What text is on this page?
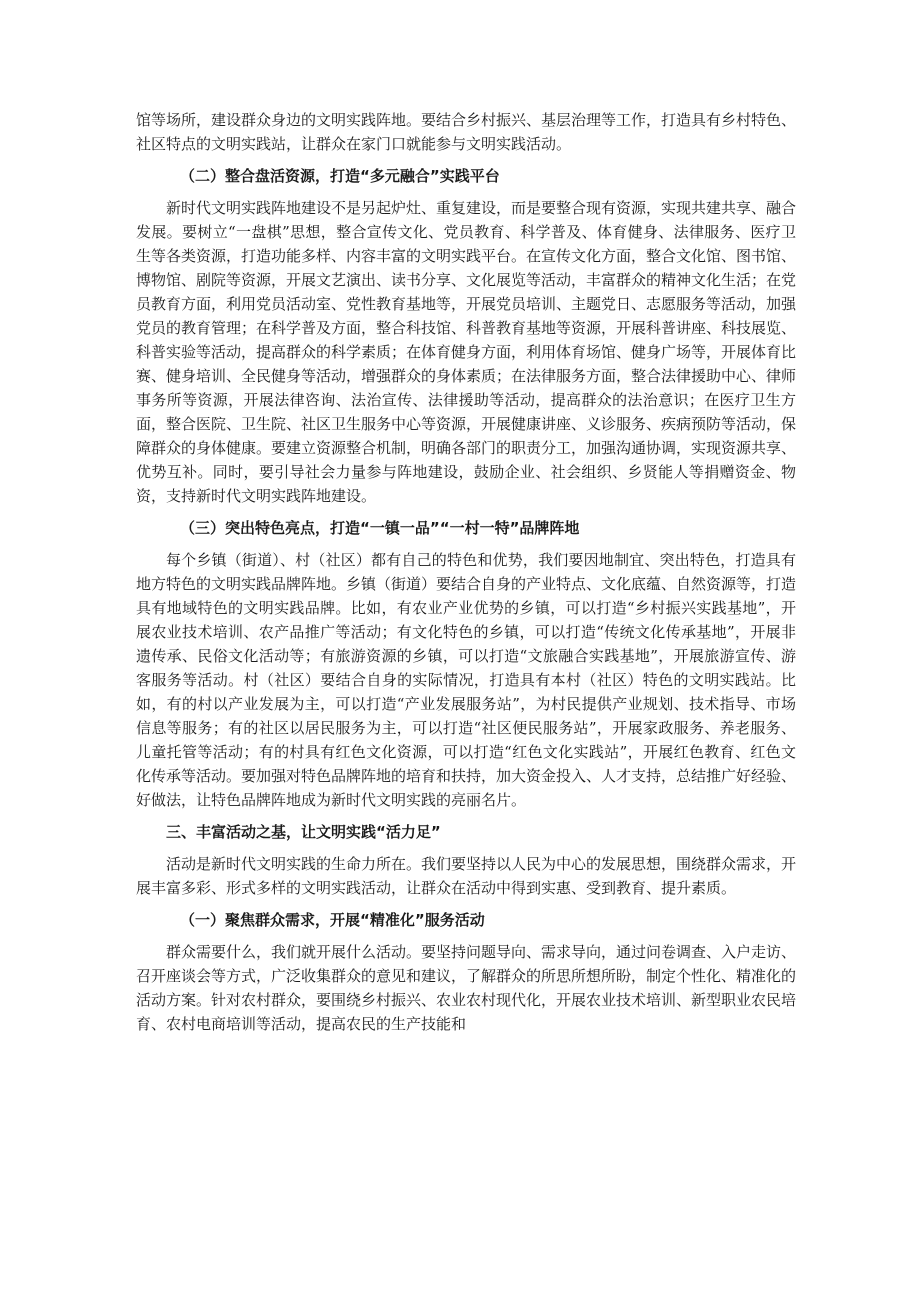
馆等场所，建设群众身边的文明实践阵地。要结合乡村振兴、基层治理等工作，打造具有乡村特色、社区特点的文明实践站，让群众在家门口就能参与文明实践活动。

（二）整合盘活资源，打造“多元融合”实践平台

新时代文明实践阵地建设不是另起炉灶、重复建设，而是要整合现有资源，实现共建共享、融合发展。要树立“一盘棋”思想，整合宣传文化、党员教育、科学普及、体育健身、法律服务、医疗卫生等各类资源，打造功能多样、内容丰富的文明实践平台。在宣传文化方面，整合文化馆、图书馆、博物馆、剧院等资源，开展文艺演出、读书分享、文化展览等活动，丰富群众的精神文化生活；在党员教育方面，利用党员活动室、党性教育基地等，开展党员培训、主题党日、志愿服务等活动，加强党员的教育管理；在科学普及方面，整合科技馆、科普教育基地等资源，开展科普讲座、科技展览、科普实验等活动，提高群众的科学素质；在体育健身方面，利用体育场馆、健身广场等，开展体育比赛、健身培训、全民健身等活动，增强群众的身体素质；在法律服务方面，整合法律援助中心、律师事务所等资源，开展法律咨询、法治宣传、法律援助等活动，提高群众的法治意识；在医疗卫生方面，整合医院、卫生院、社区卫生服务中心等资源，开展健康讲座、义诊服务、疾病预防等活动，保障群众的身体健康。要建立资源整合机制，明确各部门的职责分工，加强沟通协调，实现资源共享、优势互补。同时，要引导社会力量参与阵地建设，鼓励企业、社会组织、乡贤能人等捐赠资金、物资，支持新时代文明实践阵地建设。

（三）突出特色亮点，打造“一镇一品”“一村一特”品牌阵地

每个乡镇（街道）、村（社区）都有自己的特色和优势，我们要因地制宜、突出特色，打造具有地方特色的文明实践品牌阵地。乡镇（街道）要结合自身的产业特点、文化底蕴、自然资源等，打造具有地域特色的文明实践品牌。比如，有农业产业优势的乡镇，可以打造“乡村振兴实践基地”，开展农业技术培训、农产品推广等活动；有文化特色的乡镇，可以打造“传统文化传承基地”，开展非遗传承、民俗文化活动等；有旅游资源的乡镇，可以打造“文旅融合实践基地”，开展旅游宣传、游客服务等活动。村（社区）要结合自身的实际情况，打造具有本村（社区）特色的文明实践站。比如，有的村以产业发展为主，可以打造“产业发展服务站”，为村民提供产业规划、技术指导、市场信息等服务；有的社区以居民服务为主，可以打造“社区便民服务站”，开展家政服务、养老服务、儿童托管等活动；有的村具有红色文化资源，可以打造“红色文化实践站”，开展红色教育、红色文化传承等活动。要加强对特色品牌阵地的培育和扶持，加大资金投入、人才支持，总结推广好经验、好做法，让特色品牌阵地成为新时代文明实践的亮丽名片。

三、丰富活动之基，让文明实践“活力足”

活动是新时代文明实践的生命力所在。我们要坚持以人民为中心的发展思想，围绕群众需求，开展丰富多彩、形式多样的文明实践活动，让群众在活动中得到实惠、受到教育、提升素质。

（一）聚焦群众需求，开展“精准化”服务活动

群众需要什么，我们就开展什么活动。要坚持问题导向、需求导向，通过问卷调查、入户走访、召开座谈会等方式，广泛收集群众的意见和建议，了解群众的所思所想所盼，制定个性化、精准化的活动方案。针对农村群众，要围绕乡村振兴、农业农村现代化，开展农业技术培训、新型职业农民培育、农村电商培训等活动，提高农民的生产技能和
